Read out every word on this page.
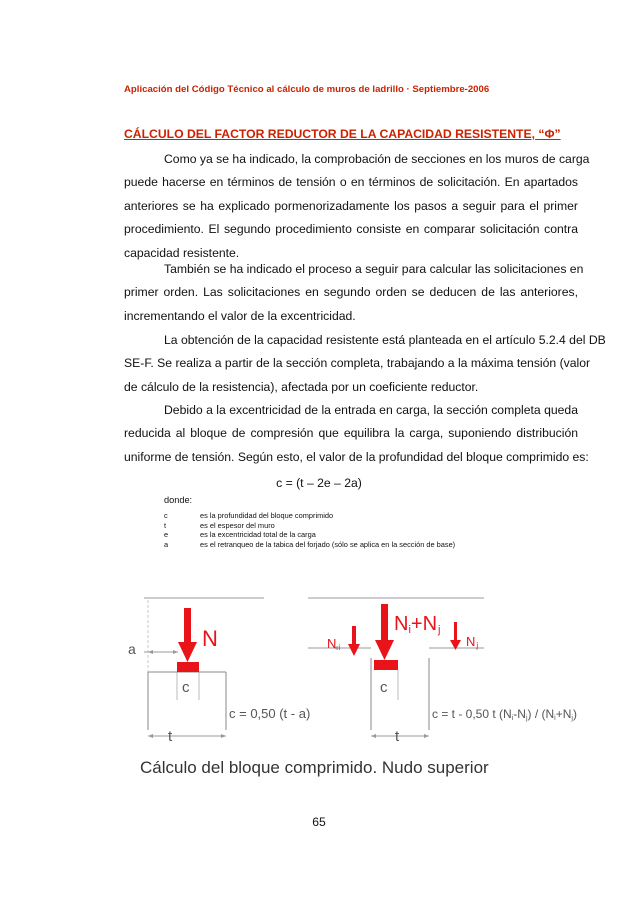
Aplicación del Código Técnico al cálculo de muros de ladrillo · Septiembre-2006
CÁLCULO DEL FACTOR REDUCTOR DE LA CAPACIDAD RESISTENTE, “Φ”
Como ya se ha indicado, la comprobación de secciones en los muros de carga
puede hacerse en términos de tensión o en términos de solicitación. En apartados
anteriores se ha explicado pormenorizadamente los pasos a seguir para el primer
procedimiento. El segundo procedimiento consiste en comparar solicitación contra
capacidad resistente.
También se ha indicado el proceso a seguir para calcular las solicitaciones en
primer orden. Las solicitaciones en segundo orden se deducen de las anteriores,
incrementando el valor de la excentricidad.
La obtención de la capacidad resistente está planteada en el artículo 5.2.4 del DB
SE-F. Se realiza a partir de la sección completa, trabajando a la máxima tensión (valor
de cálculo de la resistencia), afectada por un coeficiente reductor.
Debido a la excentricidad de la entrada en carga, la sección completa queda
reducida al bloque de compresión que equilibra la carga, suponiendo distribución
uniforme de tensión. Según esto, el valor de la profundidad del bloque comprimido es:
c = (t – 2e – 2a)
donde:
c	es la profundidad del bloque comprimido
t	es el espesor del muro
e	es la excentricidad total de la carga
a	es el retranqueo de la tabica del forjado (sólo se aplica en la sección de base)
a	N
c
c = 0,50 (t - a)
t
Ni
Ni+Nj
Nj
c
c = t - 0,50 t (Ni-Nj) / (Ni+Nj)
t
Cálculo del bloque comprimido. Nudo superior
65
